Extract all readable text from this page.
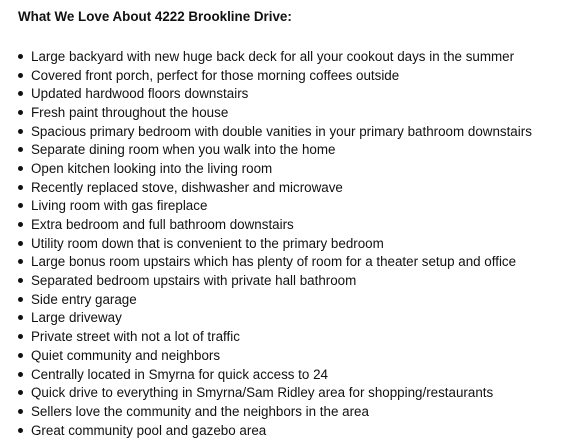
What We Love About 4222 Brookline Drive:
Large backyard with new huge back deck for all your cookout days in the summer
Covered front porch, perfect for those morning coffees outside
Updated hardwood floors downstairs
Fresh paint throughout the house
Spacious primary bedroom with double vanities in your primary bathroom downstairs
Separate dining room when you walk into the home
Open kitchen looking into the living room
Recently replaced stove, dishwasher and microwave
Living room with gas fireplace
Extra bedroom and full bathroom downstairs
Utility room down that is convenient to the primary bedroom
Large bonus room upstairs which has plenty of room for a theater setup and office
Separated bedroom upstairs with private hall bathroom
Side entry garage
Large driveway
Private street with not a lot of traffic
Quiet community and neighbors
Centrally located in Smyrna for quick access to 24
Quick drive to everything in Smyrna/Sam Ridley area for shopping/restaurants
Sellers love the community and the neighbors in the area
Great community pool and gazebo area
